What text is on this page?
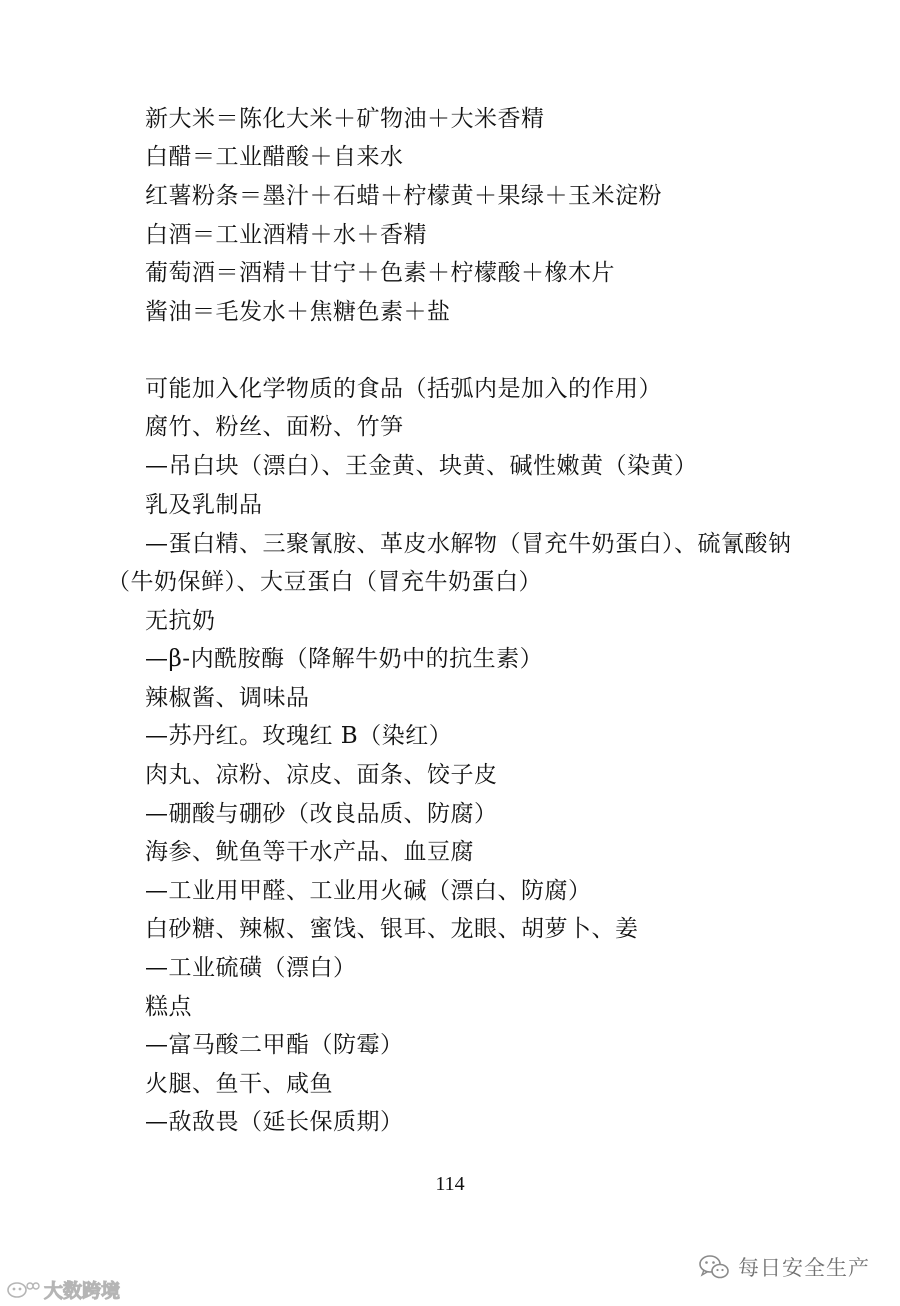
新大米＝陈化大米＋矿物油＋大米香精
白醋＝工业醋酸＋自来水
红薯粉条＝墨汁＋石蜡＋柠檬黄＋果绿＋玉米淀粉
白酒＝工业酒精＋水＋香精
葡萄酒＝酒精＋甘宁＋色素＋柠檬酸＋橡木片
酱油＝毛发水＋焦糖色素＋盐
可能加入化学物质的食品（括弧内是加入的作用）
腐竹、粉丝、面粉、竹笋
—吊白块（漂白）、王金黄、块黄、碱性嫩黄（染黄）
乳及乳制品
—蛋白精、三聚氰胺、革皮水解物（冒充牛奶蛋白）、硫氰酸钠
（牛奶保鲜）、大豆蛋白（冒充牛奶蛋白）
无抗奶
—β-内酰胺酶（降解牛奶中的抗生素）
辣椒酱、调味品
—苏丹红。玫瑰红 B（染红）
肉丸、凉粉、凉皮、面条、饺子皮
—硼酸与硼砂（改良品质、防腐）
海参、鱿鱼等干水产品、血豆腐
—工业用甲醛、工业用火碱（漂白、防腐）
白砂糖、辣椒、蜜饯、银耳、龙眼、胡萝卜、姜
—工业硫磺（漂白）
糕点
—富马酸二甲酯（防霉）
火腿、鱼干、咸鱼
—敌敌畏（延长保质期）
114
大数跨境
每日安全生产
